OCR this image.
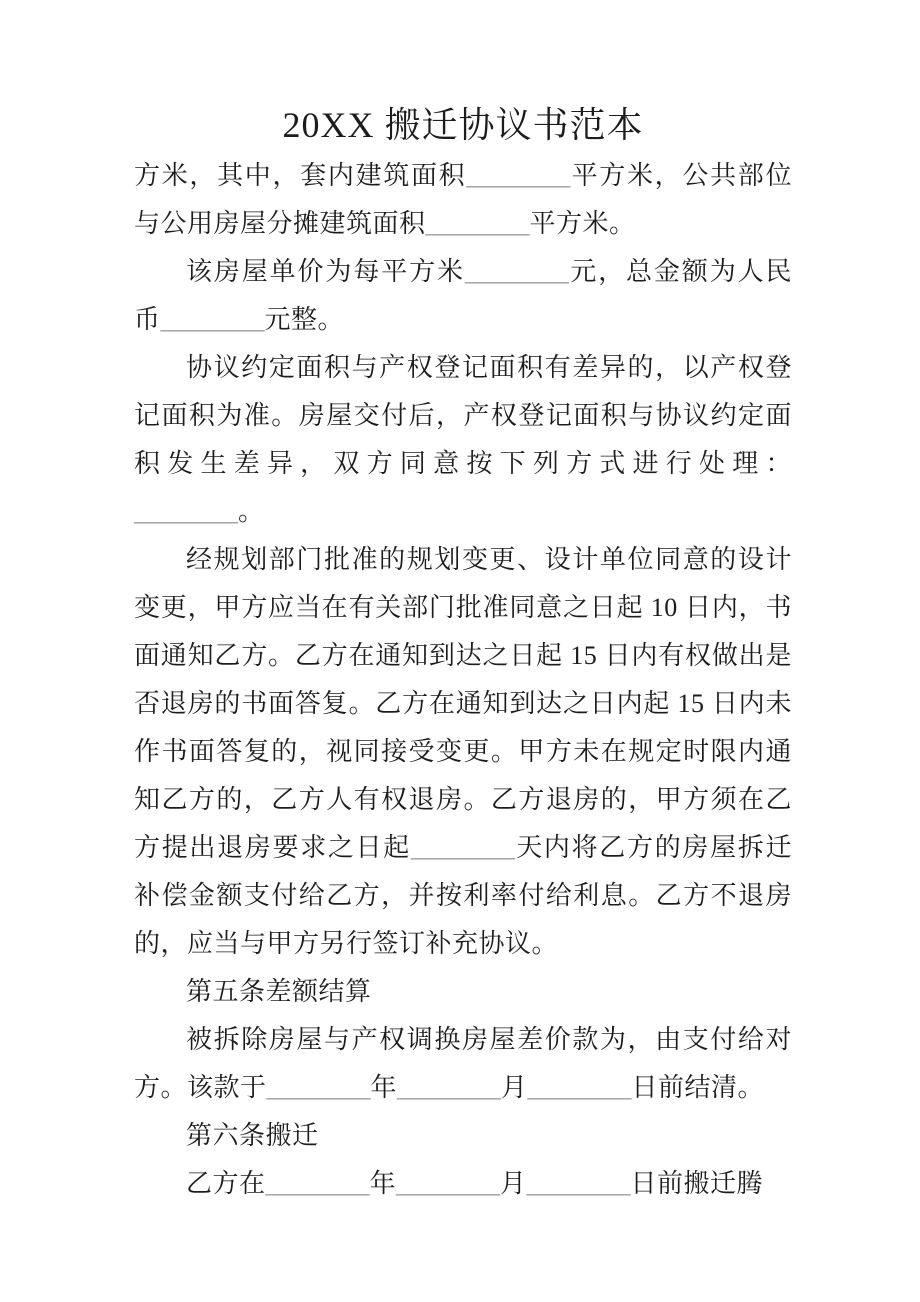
20XX 搬迁协议书范本

方米，其中，套内建筑面积________平方米，公共部位与公用房屋分摊建筑面积________平方米。

该房屋单价为每平方米________元，总金额为人民币________元整。

协议约定面积与产权登记面积有差异的，以产权登记面积为准。房屋交付后，产权登记面积与协议约定面积发生差异，双方同意按下列方式进行处理：________。

经规划部门批准的规划变更、设计单位同意的设计变更，甲方应当在有关部门批准同意之日起 10 日内，书面通知乙方。乙方在通知到达之日起 15 日内有权做出是否退房的书面答复。乙方在通知到达之日内起 15 日内未作书面答复的，视同接受变更。甲方未在规定时限内通知乙方的，乙方人有权退房。乙方退房的，甲方须在乙方提出退房要求之日起________天内将乙方的房屋拆迁补偿金额支付给乙方，并按利率付给利息。乙方不退房的，应当与甲方另行签订补充协议。

第五条差额结算

被拆除房屋与产权调换房屋差价款为，由支付给对方。该款于________年________月________日前结清。

第六条搬迁

乙方在________年________月________日前搬迁腾
